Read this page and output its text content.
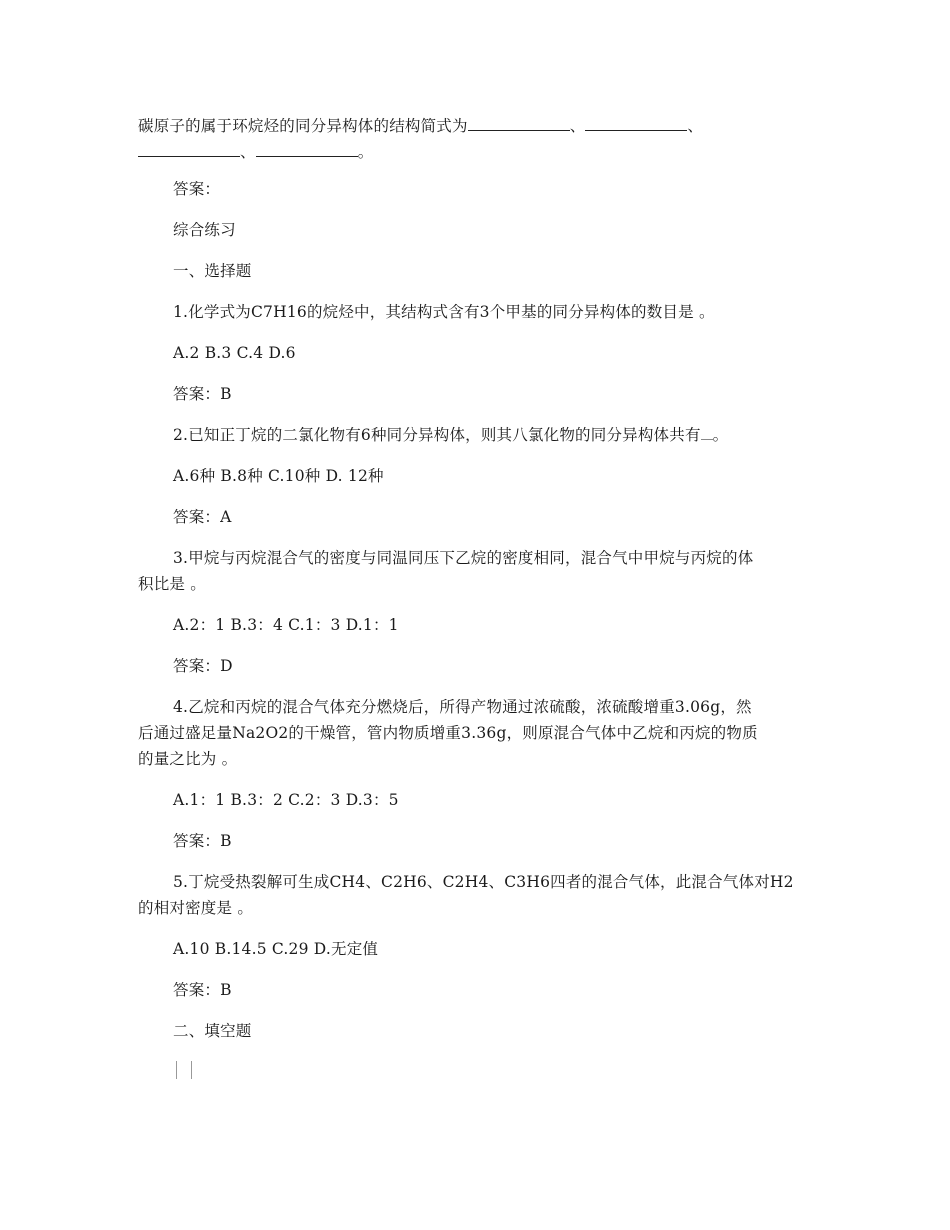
碳原子的属于环烷烃的同分异构体的结构简式为	、	、
、	。
答案：
综合练习
一、选择题
1.化学式为C7H16的烷烃中，其结构式含有3个甲基的同分异构体的数目是 。
A.2 B.3 C.4 D.6
答案：B
2.已知正丁烷的二氯化物有6种同分异构体，则其八氯化物的同分异构体共有 。
A.6种 B.8种 C.10种 D. 12种
答案：A
3.甲烷与丙烷混合气的密度与同温同压下乙烷的密度相同，混合气中甲烷与丙烷的体
积比是 。
A.2：1 B.3：4 C.1：3 D.1：1
答案：D
4.乙烷和丙烷的混合气体充分燃烧后，所得产物通过浓硫酸，浓硫酸增重3.06g，然
后通过盛足量Na2O2的干燥管，管内物质增重3.36g，则原混合气体中乙烷和丙烷的物质
的量之比为 。
A.1：1 B.3：2 C.2：3 D.3：5
答案：B
5.丁烷受热裂解可生成CH4、C2H6、C2H4、C3H6四者的混合气体，此混合气体对H2
的相对密度是 。
A.10 B.14.5 C.29 D.无定值
答案：B
二、填空题
